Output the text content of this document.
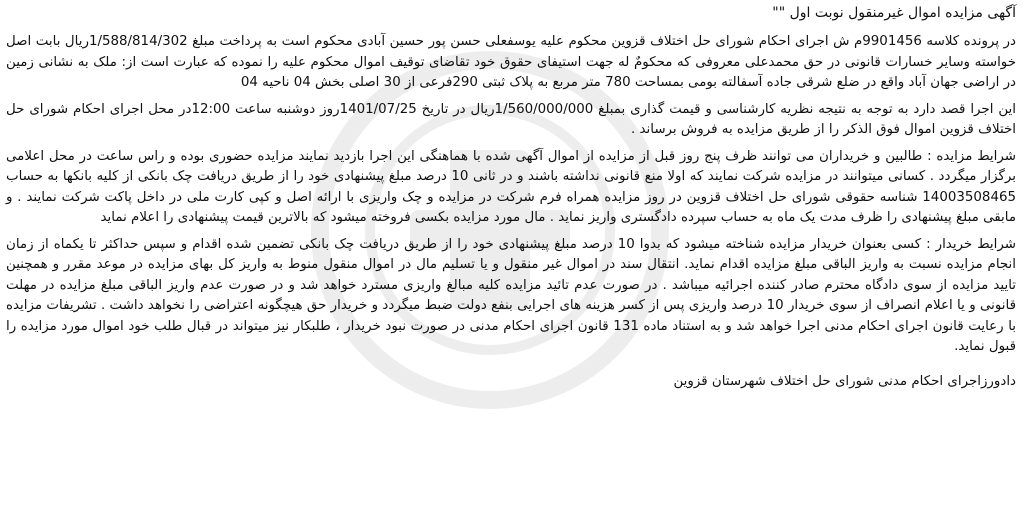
آگهی مزایده اموال غیرمنقول نوبت اول ""

در پرونده کلاسه 9901456م ش اجرای احکام شورای حل اختلاف قزوین محکوم علیه یوسفعلی حسن پور حسین آبادی محکوم است به پرداخت مبلغ 1/588/814/302ریال بابت اصل خواسته وسایر خسارات قانونی در حق محمدعلی معروفی که محکومٌ له جهت استیفای حقوق خود تقاضای توقیف اموال محکوم علیه را نموده که عبارت است از: ملک به نشانی زمین در اراضی جهان آباد واقع در ضلع شرقی جاده آسفالته بومی بمساحت 780 متر مربع به پلاک ثبتی 290فرعی از 30 اصلی بخش 04 ناحیه 04

این اجرا قصد دارد به توجه به نتیجه نظریه کارشناسی و قیمت گذاری بمبلغ 1/560/000/000ریال در تاریخ 1401/07/25روز دوشنبه ساعت 12:00در محل اجرای احکام شورای حل اختلاف قزوین اموال فوق الذکر را از طریق مزایده به فروش برساند .

شرایط مزایده : طالبین و خریداران می توانند ظرف پنج روز قبل از مزایده از اموال آگهی شده با هماهنگی این اجرا بازدید نمایند مزایده حضوری بوده و راس ساعت در محل اعلامی برگزار میگردد . کسانی میتوانند در مزایده شرکت نمایند که اولا منع قانونی نداشته باشند و در ثانی 10 درصد مبلغ پیشنهادی خود را از طریق دریافت چک بانکی از کلیه بانکها به حساب 14003508465 شناسه حقوقی شورای حل اختلاف قزوین در روز مزایده همراه فرم شرکت در مزایده و چک واریزی با ارائه اصل و کپی کارت ملی در داخل پاکت شرکت نمایند . و مابقی مبلغ پیشنهادی را ظرف مدت یک ماه به حساب سپرده دادگستری واریز نماید . مال مورد مزایده بکسی فروخته میشود که بالاترین قیمت پیشنهادی را اعلام نماید

شرایط خریدار : کسی بعنوان خریدار مزایده شناخته میشود که بدوا 10 درصد مبلغ پیشنهادی خود را از طریق دریافت چک بانکی تضمین شده اقدام و سپس حداکثر تا یکماه از زمان انجام مزایده نسبت به واریز الباقی مبلغ مزایده اقدام نماید. انتقال سند در اموال غیر منقول و یا تسلیم مال در اموال منقول منوط به واریز کل بهای مزایده در موعد مقرر و همچنین تایید مزایده از سوی دادگاه محترم صادر کننده اجرائیه میباشد . در صورت عدم تائید مزایده کلیه مبالغ واریزی مسترد خواهد شد و در صورت عدم واریز الباقی مبلغ مزایده در مهلت قانونی و یا اعلام انصراف از سوی خریدار 10 درصد واریزی پس از کسر هزینه های اجرایی بنفع دولت ضبط میگردد و خریدار حق هیچگونه اعتراضی را نخواهد داشت . تشریفات مزایده با رعایت قانون اجرای احکام مدنی اجرا خواهد شد و به استناد ماده 131 قانون اجرای احکام مدنی در صورت نبود خریدار ، طلبکار نیز میتواند در قبال طلب خود اموال مورد مزایده را قبول نماید.

دادورزاجرای احکام مدنی شورای حل اختلاف شهرستان قزوین
